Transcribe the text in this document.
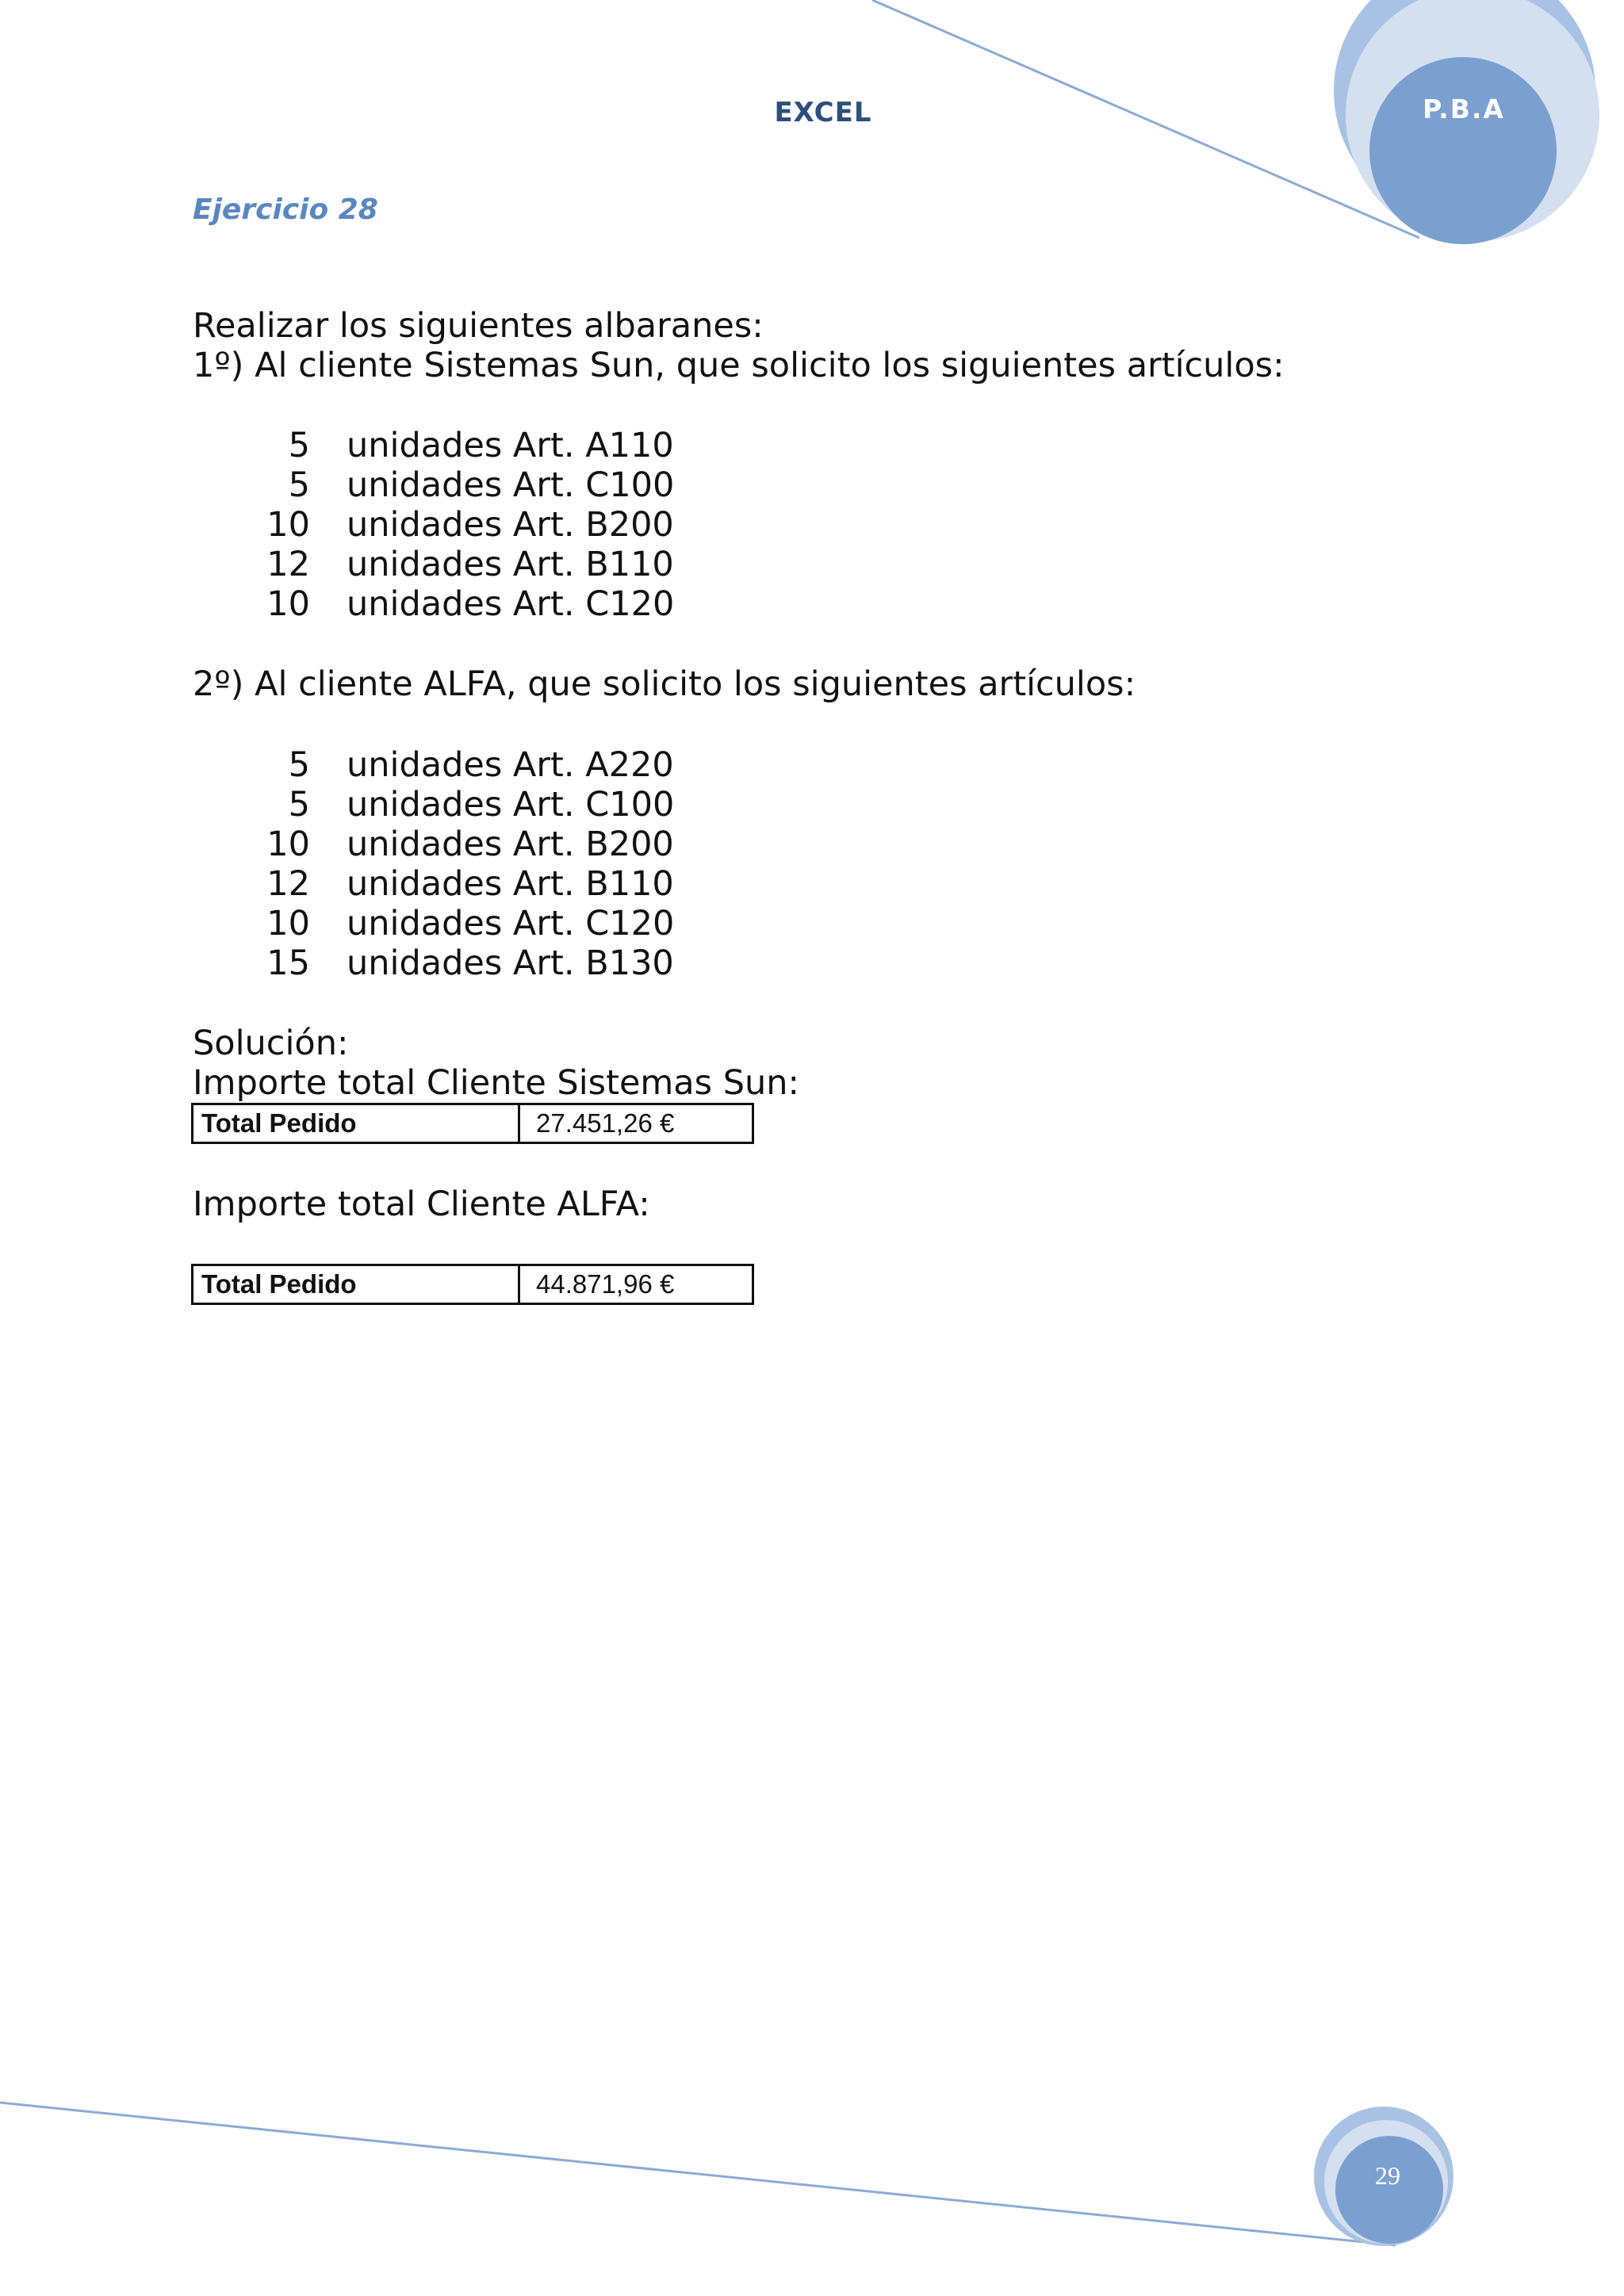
EXCEL	P.B.A
Ejercicio 28
Realizar los siguientes albaranes:
1º) Al cliente Sistemas Sun, que solicito los siguientes artículos:
5 unidades Art. A110
5 unidades Art. C100
10 unidades Art. B200
12 unidades Art. B110
10 unidades Art. C120
2º) Al cliente ALFA, que solicito los siguientes artículos:
5 unidades Art. A220
5 unidades Art. C100
10 unidades Art. B200
12 unidades Art. B110
10 unidades Art. C120
15 unidades Art. B130
Solución:
Importe total Cliente Sistemas Sun:
Total Pedido	27.451,26 €
Importe total Cliente ALFA:
Total Pedido	44.871,96 €
29
